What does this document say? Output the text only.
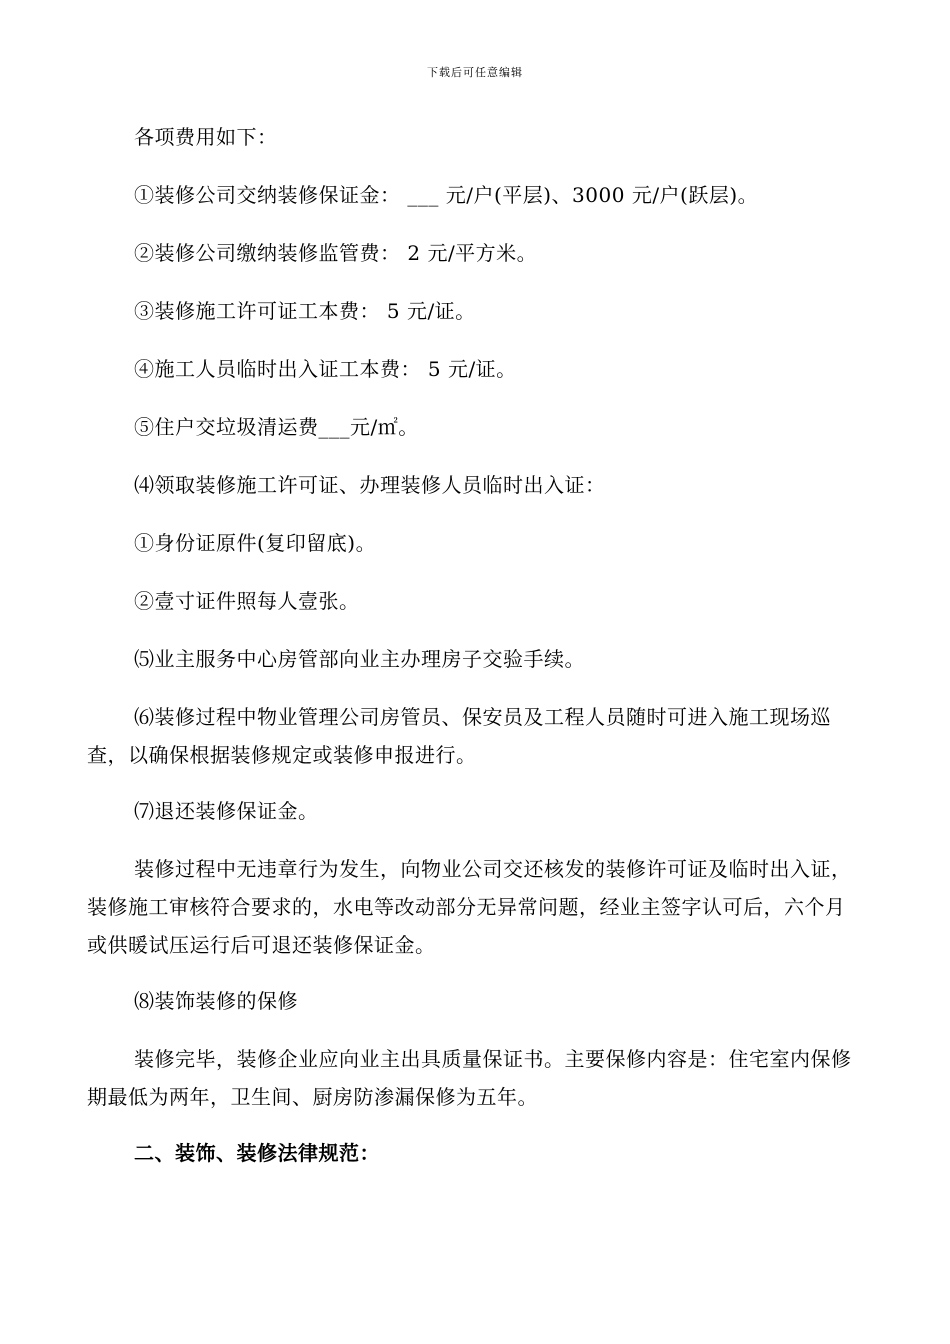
下载后可任意编辑

各项费用如下：

①装修公司交纳装修保证金： ___ 元/户(平层)、3000 元/户(跃层)。

②装修公司缴纳装修监管费： 2 元/平方米。

③装修施工许可证工本费： 5 元/证。

④施工人员临时出入证工本费： 5 元/证。

⑤住户交垃圾清运费___元/㎡。

⑷领取装修施工许可证、办理装修人员临时出入证：

①身份证原件(复印留底)。

②壹寸证件照每人壹张。

⑸业主服务中心房管部向业主办理房子交验手续。

⑹装修过程中物业管理公司房管员、保安员及工程人员随时可进入施工现场巡查，以确保根据装修规定或装修申报进行。

⑺退还装修保证金。

装修过程中无违章行为发生，向物业公司交还核发的装修许可证及临时出入证，装修施工审核符合要求的，水电等改动部分无异常问题，经业主签字认可后，六个月或供暖试压运行后可退还装修保证金。

⑻装饰装修的保修

装修完毕，装修企业应向业主出具质量保证书。主要保修内容是：住宅室内保修期最低为两年，卫生间、厨房防渗漏保修为五年。

二、装饰、装修法律规范：
